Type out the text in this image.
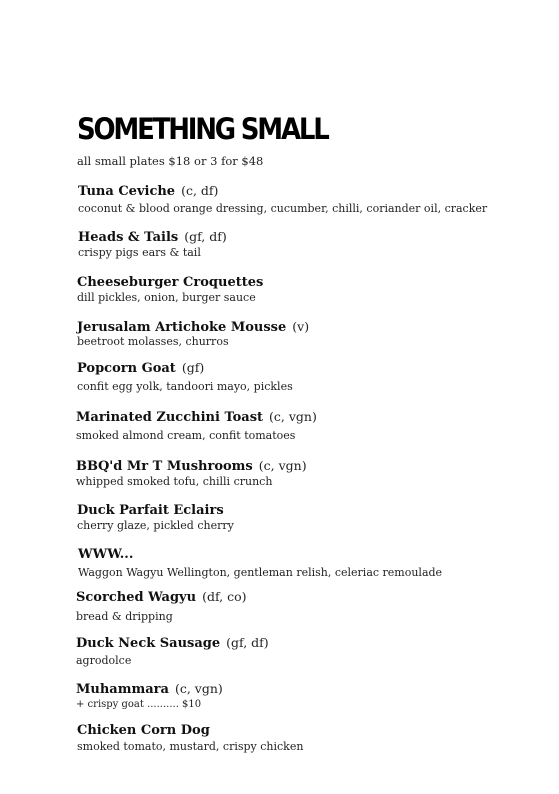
SOMETHING SMALL
all small plates $18 or 3 for $48
Tuna Ceviche (c, df)
coconut & blood orange dressing, cucumber, chilli, coriander oil, cracker
Heads & Tails (gf, df)
crispy pigs ears & tail
Cheeseburger Croquettes
dill pickles, onion, burger sauce
Jerusalam Artichoke Mousse (v)
beetroot molasses, churros
Popcorn Goat (gf)
confit egg yolk, tandoori mayo, pickles
Marinated Zucchini Toast (c, vgn)
smoked almond cream, confit tomatoes
BBQ'd Mr T Mushrooms (c, vgn)
whipped smoked tofu, chilli crunch
Duck Parfait Eclairs
cherry glaze, pickled cherry
WWW...
Waggon Wagyu Wellington, gentleman relish, celeriac remoulade
Scorched Wagyu (df, co)
bread & dripping
Duck Neck Sausage (gf, df)
agrodolce
Muhammara (c, vgn)
+ crispy goat .......... $10
Chicken Corn Dog
smoked tomato, mustard, crispy chicken
